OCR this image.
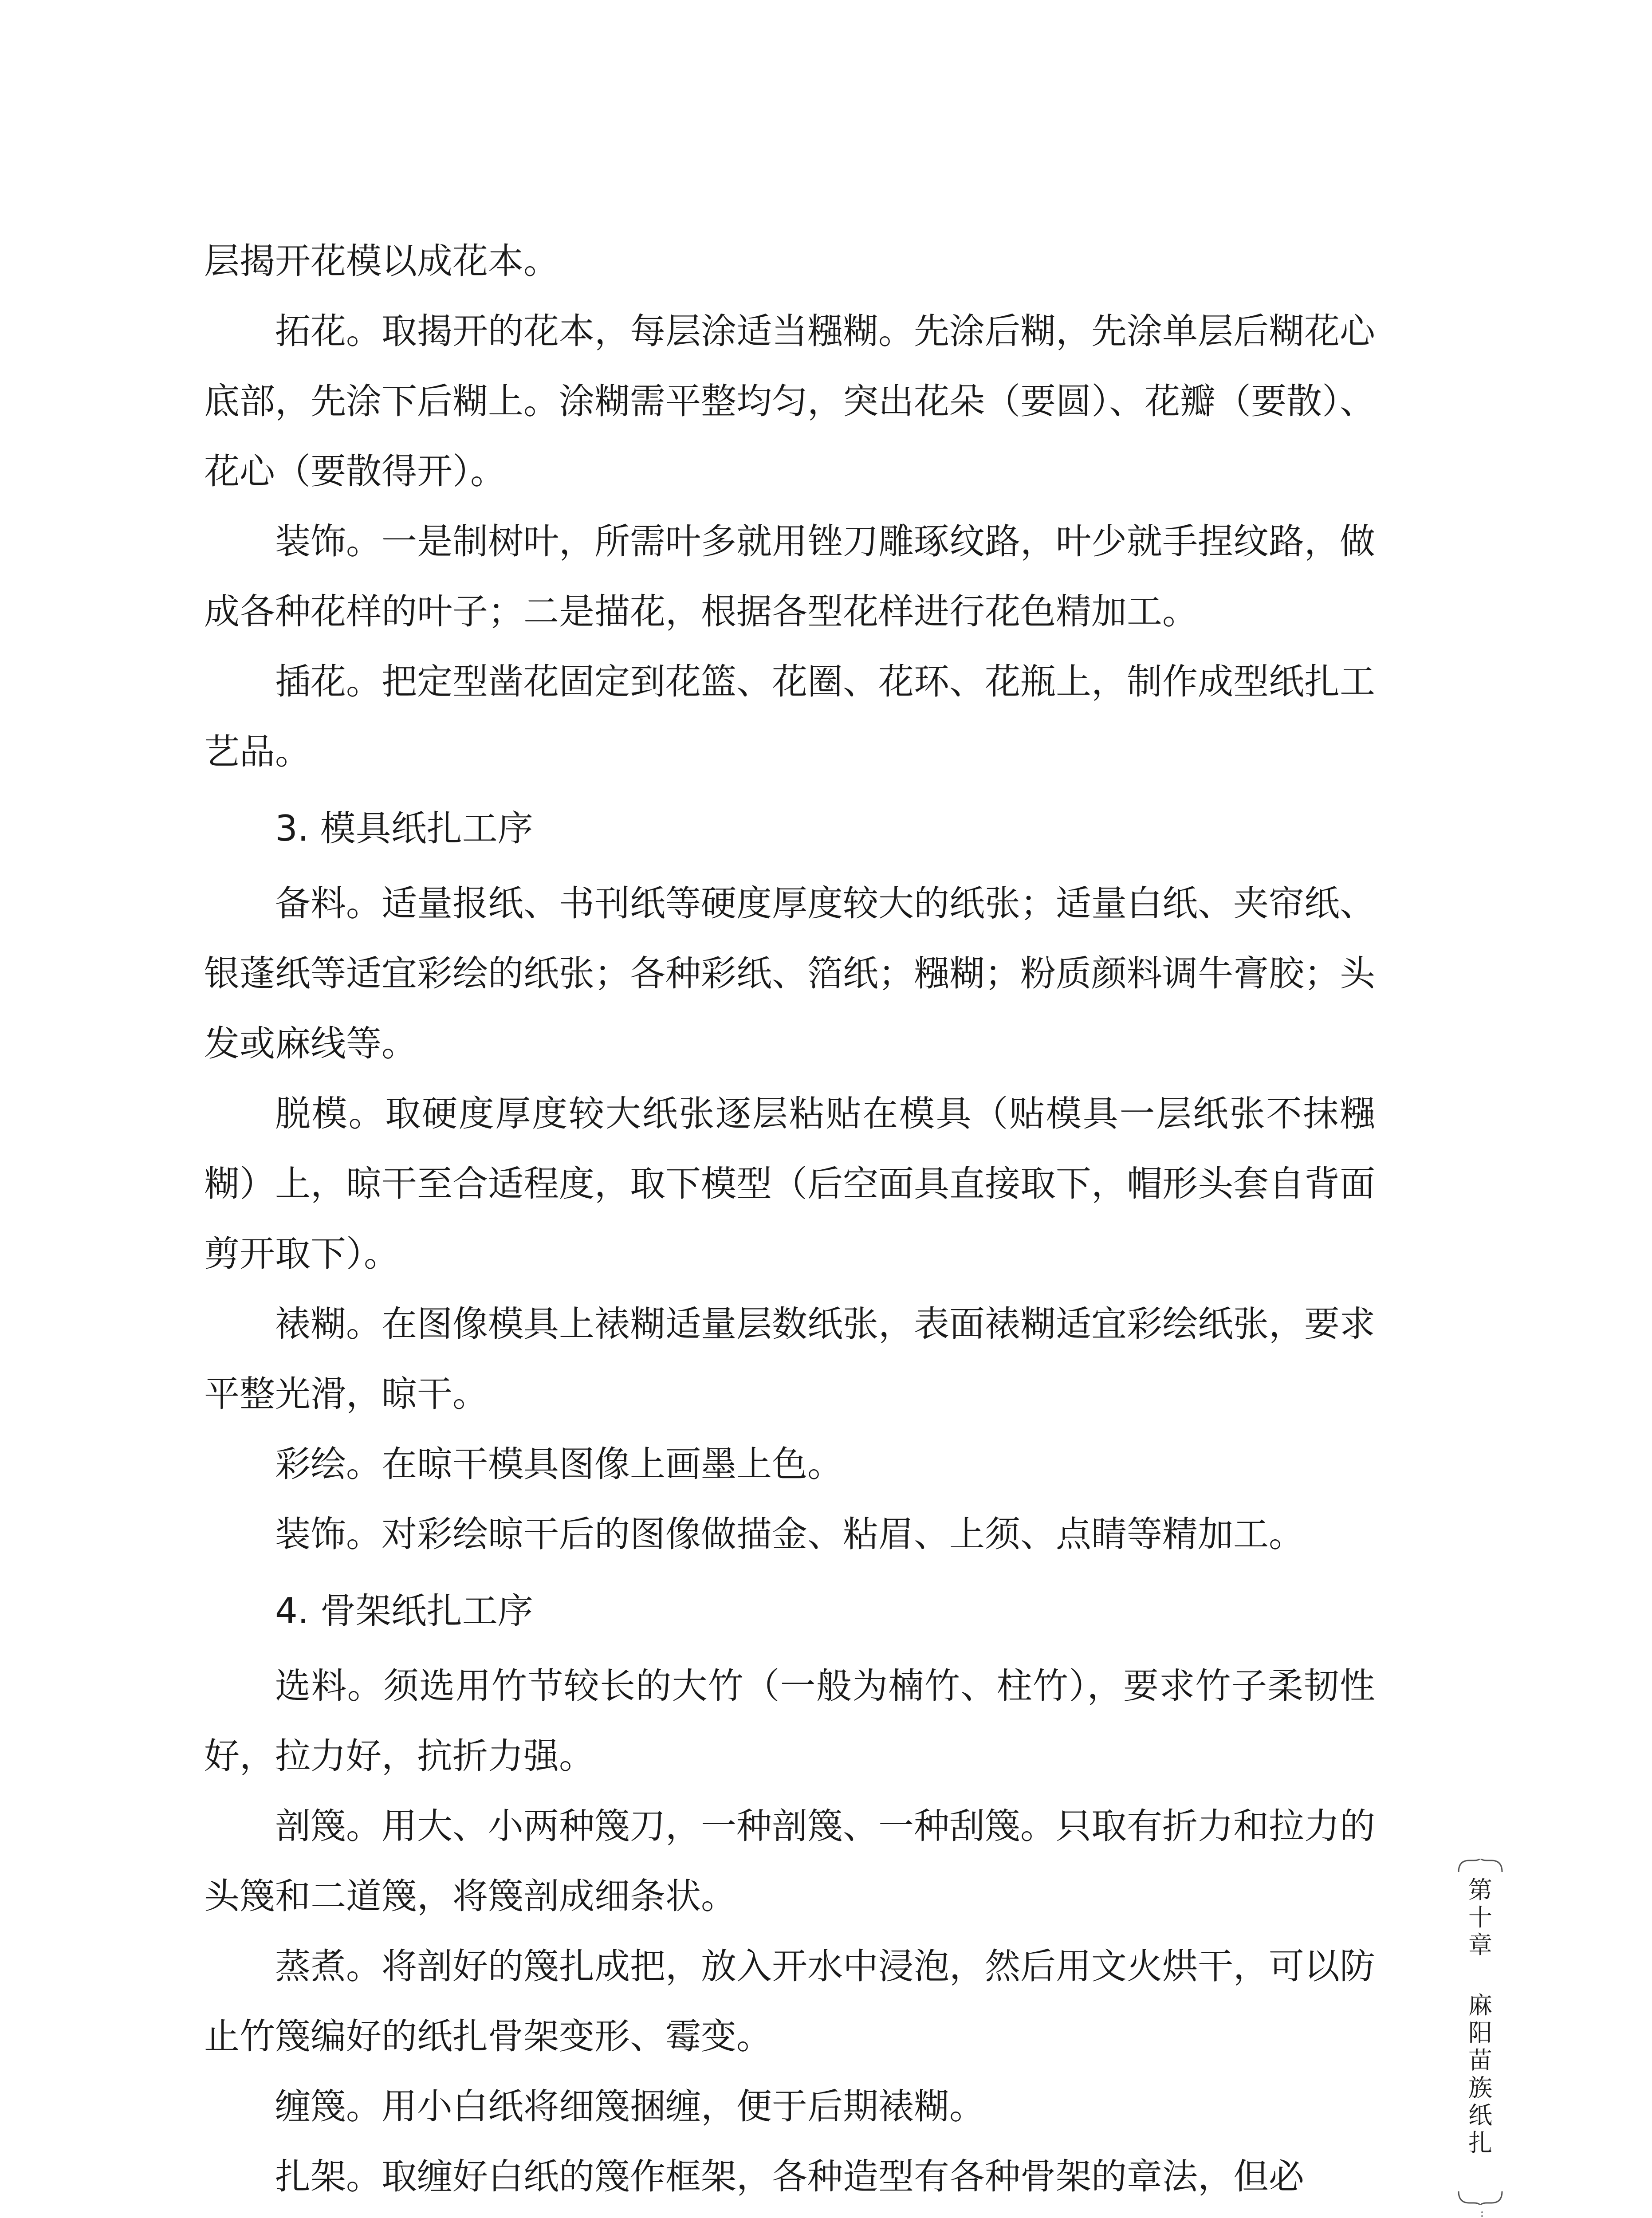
层揭开花模以成花本。

拓花。取揭开的花本，每层涂适当糨糊。先涂后糊，先涂单层后糊花心底部，先涂下后糊上。涂糊需平整均匀，突出花朵（要圆）、花瓣（要散）、花心（要散得开）。

装饰。一是制树叶，所需叶多就用锉刀雕琢纹路，叶少就手捏纹路，做成各种花样的叶子；二是描花，根据各型花样进行花色精加工。

插花。把定型凿花固定到花篮、花圈、花环、花瓶上，制作成型纸扎工艺品。

3. 模具纸扎工序

备料。适量报纸、书刊纸等硬度厚度较大的纸张；适量白纸、夹帘纸、银蓬纸等适宜彩绘的纸张；各种彩纸、箔纸；糨糊；粉质颜料调牛膏胶；头发或麻线等。

脱模。取硬度厚度较大纸张逐层粘贴在模具（贴模具一层纸张不抹糨糊）上，晾干至合适程度，取下模型（后空面具直接取下，帽形头套自背面剪开取下）。

裱糊。在图像模具上裱糊适量层数纸张，表面裱糊适宜彩绘纸张，要求平整光滑，晾干。

彩绘。在晾干模具图像上画墨上色。

装饰。对彩绘晾干后的图像做描金、粘眉、上须、点睛等精加工。

4. 骨架纸扎工序

选料。须选用竹节较长的大竹（一般为楠竹、柱竹），要求竹子柔韧性好，拉力好，抗折力强。

剖篾。用大、小两种篾刀，一种剖篾、一种刮篾。只取有折力和拉力的头篾和二道篾，将篾剖成细条状。

蒸煮。将剖好的篾扎成把，放入开水中浸泡，然后用文火烘干，可以防止竹篾编好的纸扎骨架变形、霉变。

缠篾。用小白纸将细篾捆缠，便于后期裱糊。

扎架。取缠好白纸的篾作框架，各种造型有各种骨架的章法，但必

第
十
章
麻
阳
苗
族
纸
扎
